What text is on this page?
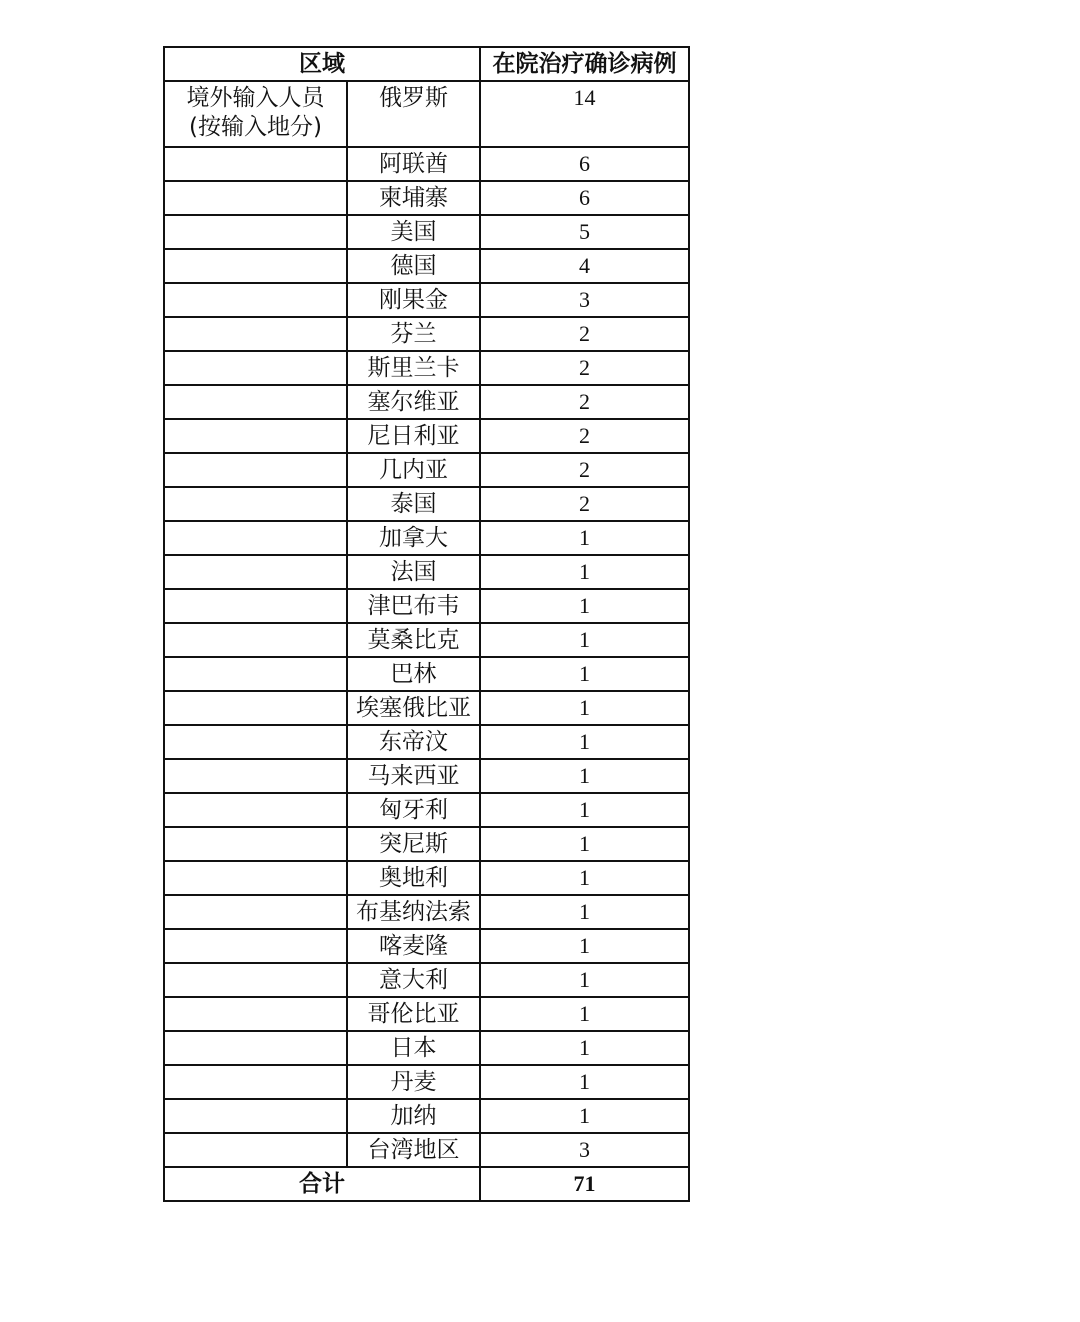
区域		在院治疗确诊病例
境外输入人员
(按输入地分)	俄罗斯	14
	阿联酋	6
	柬埔寨	6
	美国	5
	德国	4
	刚果金	3
	芬兰	2
	斯里兰卡	2
	塞尔维亚	2
	尼日利亚	2
	几内亚	2
	泰国	2
	加拿大	1
	法国	1
	津巴布韦	1
	莫桑比克	1
	巴林	1
	埃塞俄比亚	1
	东帝汶	1
	马来西亚	1
	匈牙利	1
	突尼斯	1
	奥地利	1
	布基纳法索	1
	喀麦隆	1
	意大利	1
	哥伦比亚	1
	日本	1
	丹麦	1
	加纳	1
	台湾地区	3
合计		71
